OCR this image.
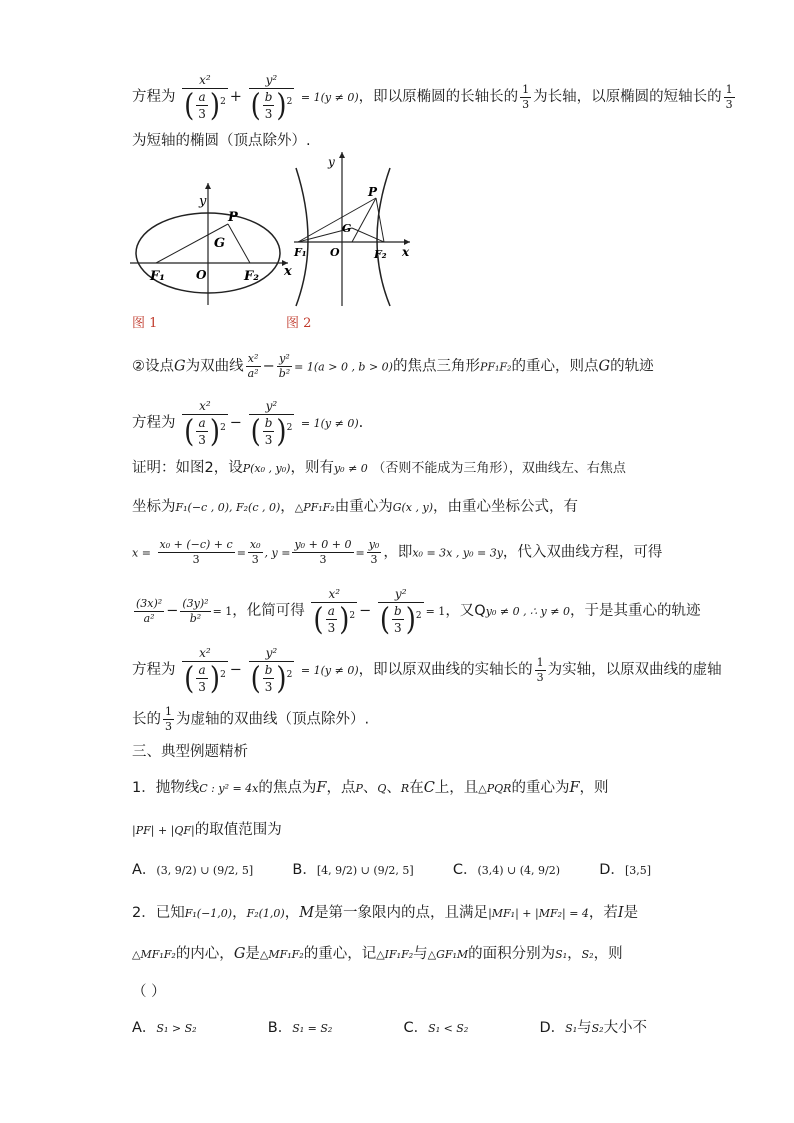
方程为 $\frac{\text{x²}}{( \frac{a}{3} )^2} + \frac{\text{y²}}{( \frac{b}{3} )^2} = 1(y \ne 0)$，即以原椭圆的长轴长的 $\frac{1}{3}$ 为长轴，以原椭圆的短轴长的 $\frac{1}{3}$
为短轴的椭圆（顶点除外）.
y
x
P
G
O
F₁	F₂
y
x
P
G
O
F₁	F₂
图 1	图 2
②设点G为双曲线 $\frac{\text{x²}}{\text{a²}} - \frac{\text{y²}}{\text{b²}} = 1(a > 0$ , b > 0)的焦点三角形PF₁F₂的重心，则点G的轨迹
方程为 $\frac{\text{x²}}{( \frac{a}{3} )^2} - \frac{\text{y²}}{( \frac{b}{3} )^2} = 1(y \ne 0)$.
证明：如图2，设P(x₀ , y₀)，则有y₀ ≠ 0 （否则不能成为三角形），双曲线左、右焦点
坐标为F₁(−c , 0), F₂(c , 0)，△PF₁F₂由重心为G(x , y)，由重心坐标公式，有
$x = \frac{\text{x₀ + (−c) + c}}{3} = \frac{\text{x₀}}{3}$ , $y = \frac{\text{y₀ + 0 + 0}}{3} = \frac{\text{y₀}}{3}$ ，即x₀ = 3x , y₀ = 3y，代入双曲线方程，可得
$\frac{\text{(3x)²}}{\text{a²}} - \frac{\text{(3y)²}}{\text{b²}} = 1$，化简可得 $\frac{\text{x²}}{( \frac{a}{3} )^2} - \frac{\text{y²}}{( \frac{b}{3} )^2} = 1$，又Qy₀ ≠ 0 , ∴ y ≠ 0，于是其重心的轨迹
方程为 $\frac{\text{x²}}{( \frac{a}{3} )^2} - \frac{\text{y²}}{( \frac{b}{3} )^2} = 1(y \ne 0)$，即以原双曲线的实轴长的 $\frac{1}{3}$ 为实轴，以原双曲线的虚轴
长的 $\frac{1}{3}$ 为虚轴的双曲线（顶点除外）.
三、典型例题精析
1．抛物线C : y² = 4x的焦点为F，点P、Q、R在C上，且△PQR的重心为F，则
|PF| + |QF|的取值范围为
A．(3, 9/2) ∪ (9/2, 5]	B．[4, 9/2) ∪ (9/2, 5]	C．(3,4) ∪ (4, 9/2)	D．[3,5]
2．已知F₁(−1,0)，F₂(1,0)，M是第一象限内的点，且满足|MF₁| + |MF₂| = 4，若I是
△MF₁F₂的内心，G是△MF₁F₂的重心，记△IF₁F₂与△GF₁M的面积分别为S₁，S₂，则
（ ）
A．S₁ > S₂	B．S₁ = S₂	C．S₁ < S₂	D．S₁与S₂大小不
